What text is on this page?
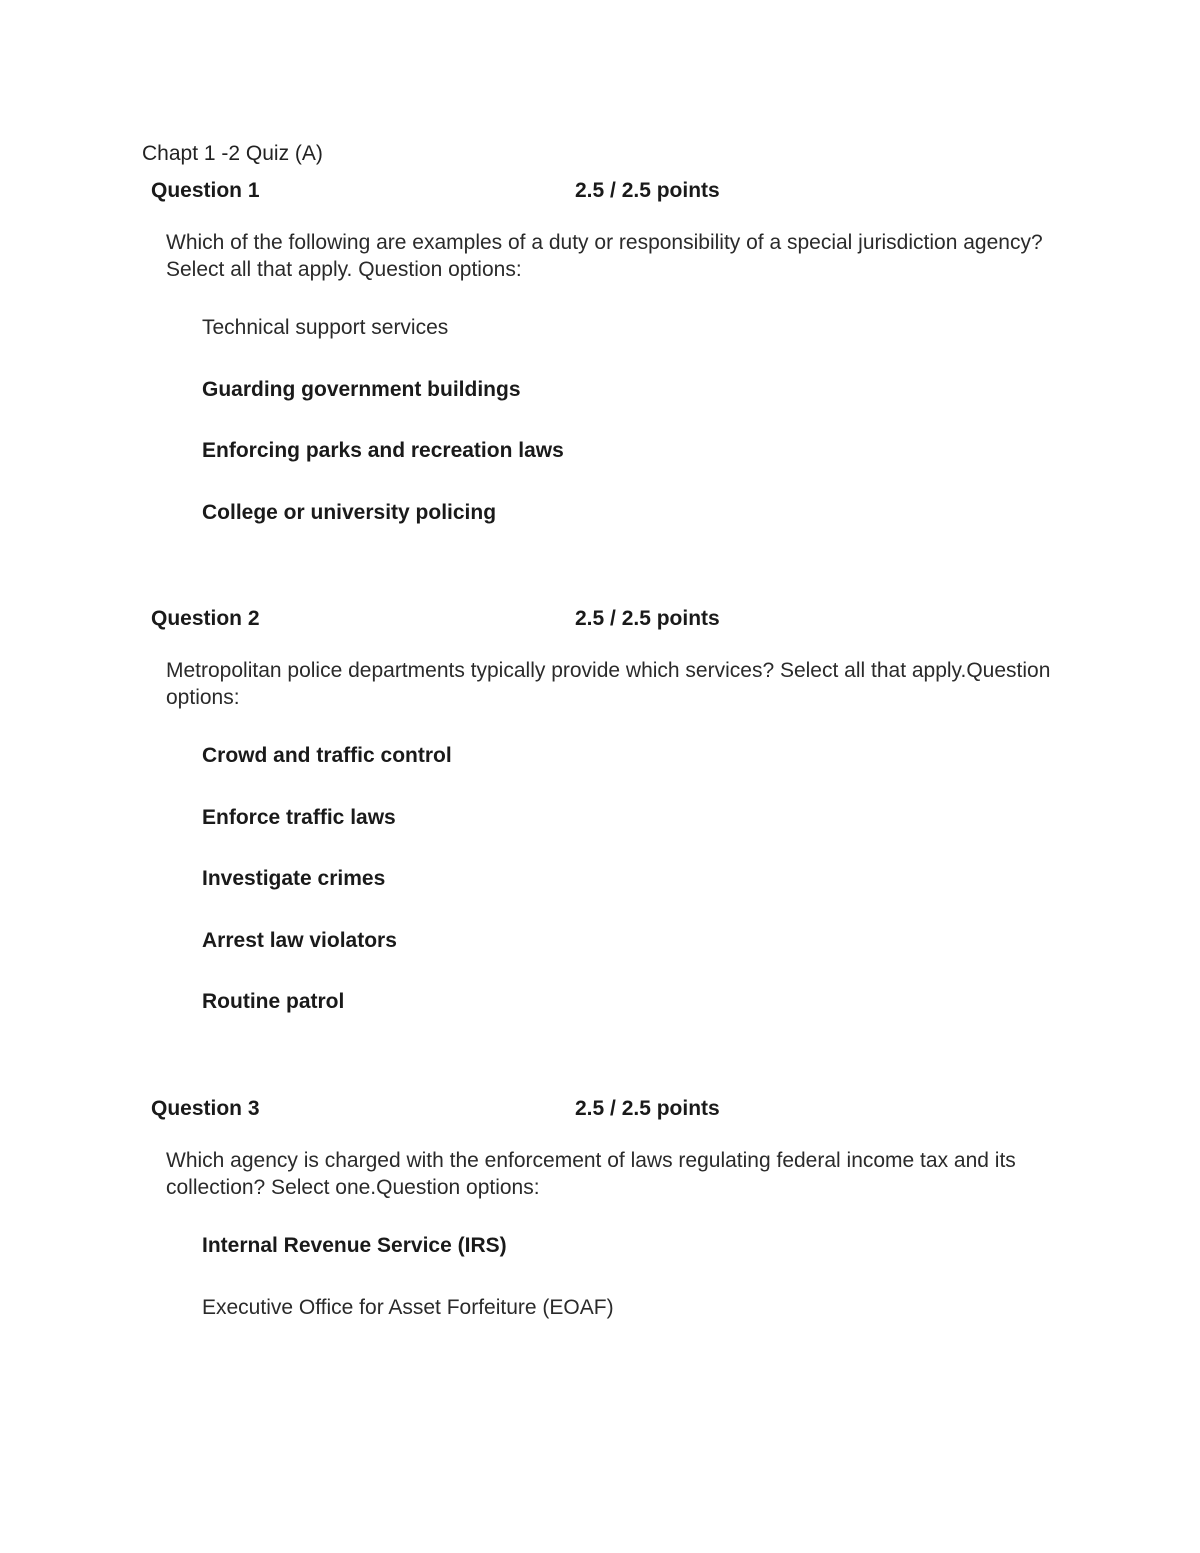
Chapt 1 -2 Quiz (A)
Question 1	2.5 / 2.5 points
Which of the following are examples of a duty or responsibility of a special jurisdiction agency? Select all that apply. Question options:
Technical support services
Guarding government buildings
Enforcing parks and recreation laws
College or university policing
Question 2	2.5 / 2.5 points
Metropolitan police departments typically provide which services? Select all that apply.Question options:
Crowd and traffic control
Enforce traffic laws
Investigate crimes
Arrest law violators
Routine patrol
Question 3	2.5 / 2.5 points
Which agency is charged with the enforcement of laws regulating federal income tax and its collection? Select one.Question options:
Internal Revenue Service (IRS)
Executive Office for Asset Forfeiture (EOAF)
